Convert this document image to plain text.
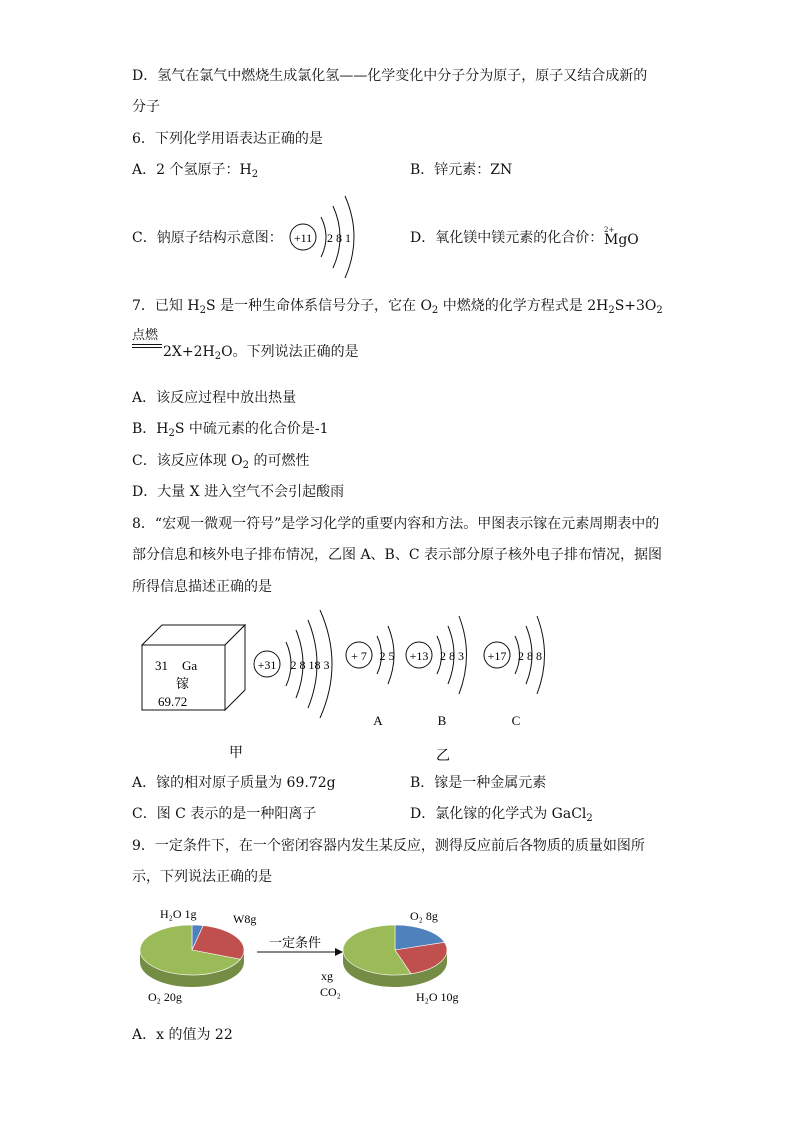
D．氢气在氯气中燃烧生成氯化氢——化学变化中分子分为原子，原子又结合成新的
分子
6．下列化学用语表达正确的是
A．2 个氢原子：$H_2$	B．锌元素：ZN
C．钠原子结构示意图： +11 2 8 1	D．氧化镁中镁元素的化合价： 2+
MgO
7．已知 $H_2S$ 是一种生命体系信号分子，它在 $O_2$ 中燃烧的化学方程式是 $2H_2S+3O_2$
点燃
$2X+2H_2O$。下列说法正确的是
A．该反应过程中放出热量
B．$H_2S$ 中硫元素的化合价是-1
C．该反应体现 $O_2$ 的可燃性
D．大量 X 进入空气不会引起酸雨
8．“宏观一微观一符号”是学习化学的重要内容和方法。甲图表示镓在元素周期表中的
部分信息和核外电子排布情况，乙图 A、B、C 表示部分原子核外电子排布情况，据图
所得信息描述正确的是
31 Ga
镓
69.72
+31 2 8 18 3
+ 7 2 5
A
+13 2 8 3
B
+17 2 8 8
C
甲	乙
A．镓的相对原子质量为 69.72g	B．镓是一种金属元素
C．图 C 表示的是一种阳离子	D．氯化镓的化学式为 GaCl$_2$
9．一定条件下，在一个密闭容器内发生某反应，测得反应前后各物质的质量如图所
示，下列说法正确的是
一定条件
H₂O 1g	W8g
O₂ 20g
O₂ 8g
xg
CO₂	H₂O 10g
A．x 的值为 22
